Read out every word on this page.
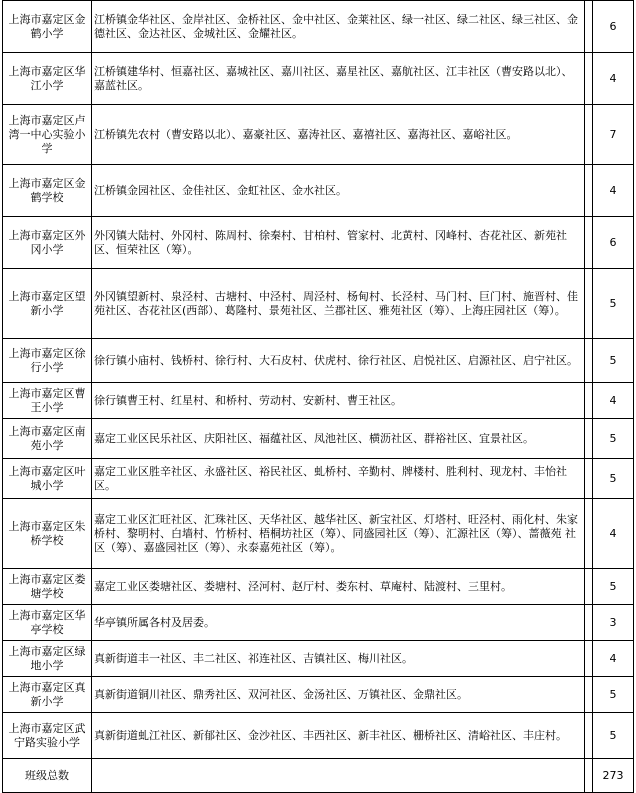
上海市嘉定区金鹤小学	江桥镇金华社区、金岸社区、金桥社区、金中社区、金莱社区、绿一社区、绿二社区、绿三社区、金德社区、金达社区、金城社区、金耀社区。		6
上海市嘉定区华江小学	江桥镇建华村、恒嘉社区、嘉城社区、嘉川社区、嘉星社区、嘉航社区、江丰社区（曹安路以北）、嘉蓝社区。		4
上海市嘉定区卢湾一中心实验小学	江桥镇先农村（曹安路以北）、嘉豪社区、嘉涛社区、嘉禧社区、嘉海社区、嘉峪社区。		7
上海市嘉定区金鹤学校	江桥镇金园社区、金佳社区、金虹社区、金水社区。		4
上海市嘉定区外冈小学	外冈镇大陆村、外冈村、陈周村、徐秦村、甘柏村、管家村、北黄村、冈峰村、杏花社区、新苑社区、恒荣社区（筹）。		6
上海市嘉定区望新小学	外冈镇望新村、泉泾村、古塘村、中泾村、周泾村、杨甸村、长泾村、马门村、巨门村、施晋村、佳苑社区、杏花社区(西部）、葛隆村、景苑社区、兰郡社区、雅苑社区（筹）、上海庄园社区（筹）。		5
上海市嘉定区徐行小学	徐行镇小庙村、钱桥村、徐行村、大石皮村、伏虎村、徐行社区、启悦社区、启源社区、启宁社区。		5
上海市嘉定区曹王小学	徐行镇曹王村、红星村、和桥村、劳动村、安新村、曹王社区。		4
上海市嘉定区南苑小学	嘉定工业区民乐社区、庆阳社区、福蕴社区、凤池社区、横沥社区、群裕社区、宜景社区。		5
上海市嘉定区叶城小学	嘉定工业区胜辛社区、永盛社区、裕民社区、虬桥村、辛勤村、牌楼村、胜利村、现龙村、丰怡社区。		5
上海市嘉定区朱桥学校	嘉定工业区汇旺社区、汇珠社区、天华社区、越华社区、新宝社区、灯塔村、旺泾村、雨化村、朱家桥村、黎明村、白墙村、竹桥村、梧桐坊社区（筹）、同盛园社区（筹）、汇源社区（筹）、蔷薇苑 社区（筹）、嘉盛园社区（筹）、永泰嘉苑社区（筹）。		4
上海市嘉定区娄塘学校	嘉定工业区娄塘社区、娄塘村、泾河村、赵厅村、娄东村、草庵村、陆渡村、三里村。		5
上海市嘉定区华亭学校	华亭镇所属各村及居委。		3
上海市嘉定区绿地小学	真新街道丰一社区、丰二社区、祁连社区、吉镇社区、梅川社区。		4
上海市嘉定区真新小学	真新街道铜川社区、鼎秀社区、双河社区、金汤社区、万镇社区、金鼎社区。		5
上海市嘉定区武宁路实验小学	真新街道虬江社区、新郁社区、金沙社区、丰西社区、新丰社区、栅桥社区、清峪社区、丰庄村。		5
班级总数			273
